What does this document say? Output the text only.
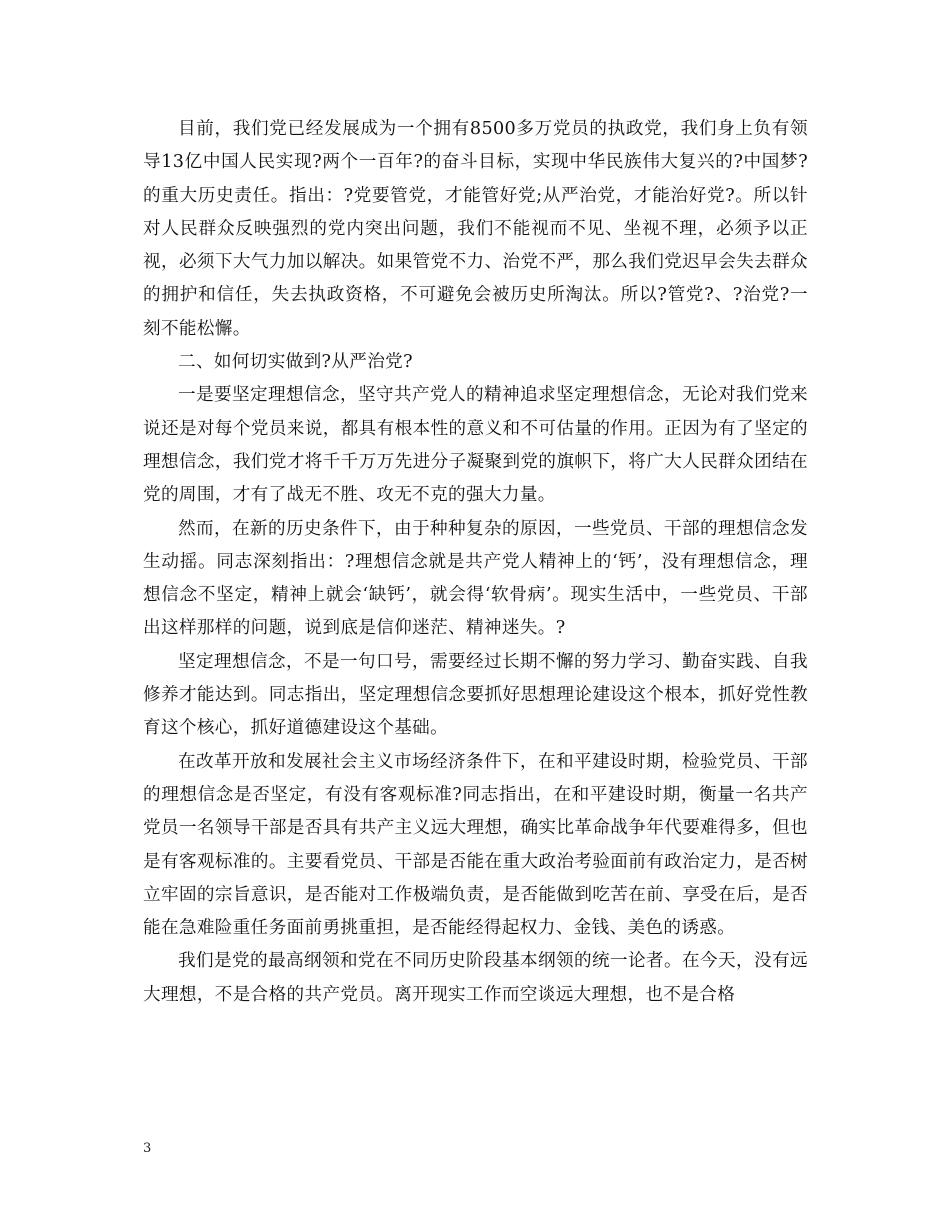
目前，我们党已经发展成为一个拥有8500多万党员的执政党，我们身上负有领导13亿中国人民实现?两个一百年?的奋斗目标，实现中华民族伟大复兴的?中国梦?的重大历史责任。指出：?党要管党，才能管好党;从严治党，才能治好党?。所以针对人民群众反映强烈的党内突出问题，我们不能视而不见、坐视不理，必须予以正视，必须下大气力加以解决。如果管党不力、治党不严，那么我们党迟早会失去群众的拥护和信任，失去执政资格，不可避免会被历史所淘汰。所以?管党?、?治党?一刻不能松懈。

二、如何切实做到?从严治党?

一是要坚定理想信念，坚守共产党人的精神追求坚定理想信念，无论对我们党来说还是对每个党员来说，都具有根本性的意义和不可估量的作用。正因为有了坚定的理想信念，我们党才将千千万万先进分子凝聚到党的旗帜下，将广大人民群众团结在党的周围，才有了战无不胜、攻无不克的强大力量。

然而，在新的历史条件下，由于种种复杂的原因，一些党员、干部的理想信念发生动摇。同志深刻指出：?理想信念就是共产党人精神上的‘钙’，没有理想信念，理想信念不坚定，精神上就会‘缺钙’，就会得‘软骨病’。现实生活中，一些党员、干部出这样那样的问题，说到底是信仰迷茫、精神迷失。?

坚定理想信念，不是一句口号，需要经过长期不懈的努力学习、勤奋实践、自我修养才能达到。同志指出，坚定理想信念要抓好思想理论建设这个根本，抓好党性教育这个核心，抓好道德建设这个基础。

在改革开放和发展社会主义市场经济条件下，在和平建设时期，检验党员、干部的理想信念是否坚定，有没有客观标准?同志指出，在和平建设时期，衡量一名共产党员一名领导干部是否具有共产主义远大理想，确实比革命战争年代要难得多，但也是有客观标准的。主要看党员、干部是否能在重大政治考验面前有政治定力，是否树立牢固的宗旨意识，是否能对工作极端负责，是否能做到吃苦在前、享受在后，是否能在急难险重任务面前勇挑重担，是否能经得起权力、金钱、美色的诱惑。

我们是党的最高纲领和党在不同历史阶段基本纲领的统一论者。在今天，没有远大理想，不是合格的共产党员。离开现实工作而空谈远大理想，也不是合格

3
